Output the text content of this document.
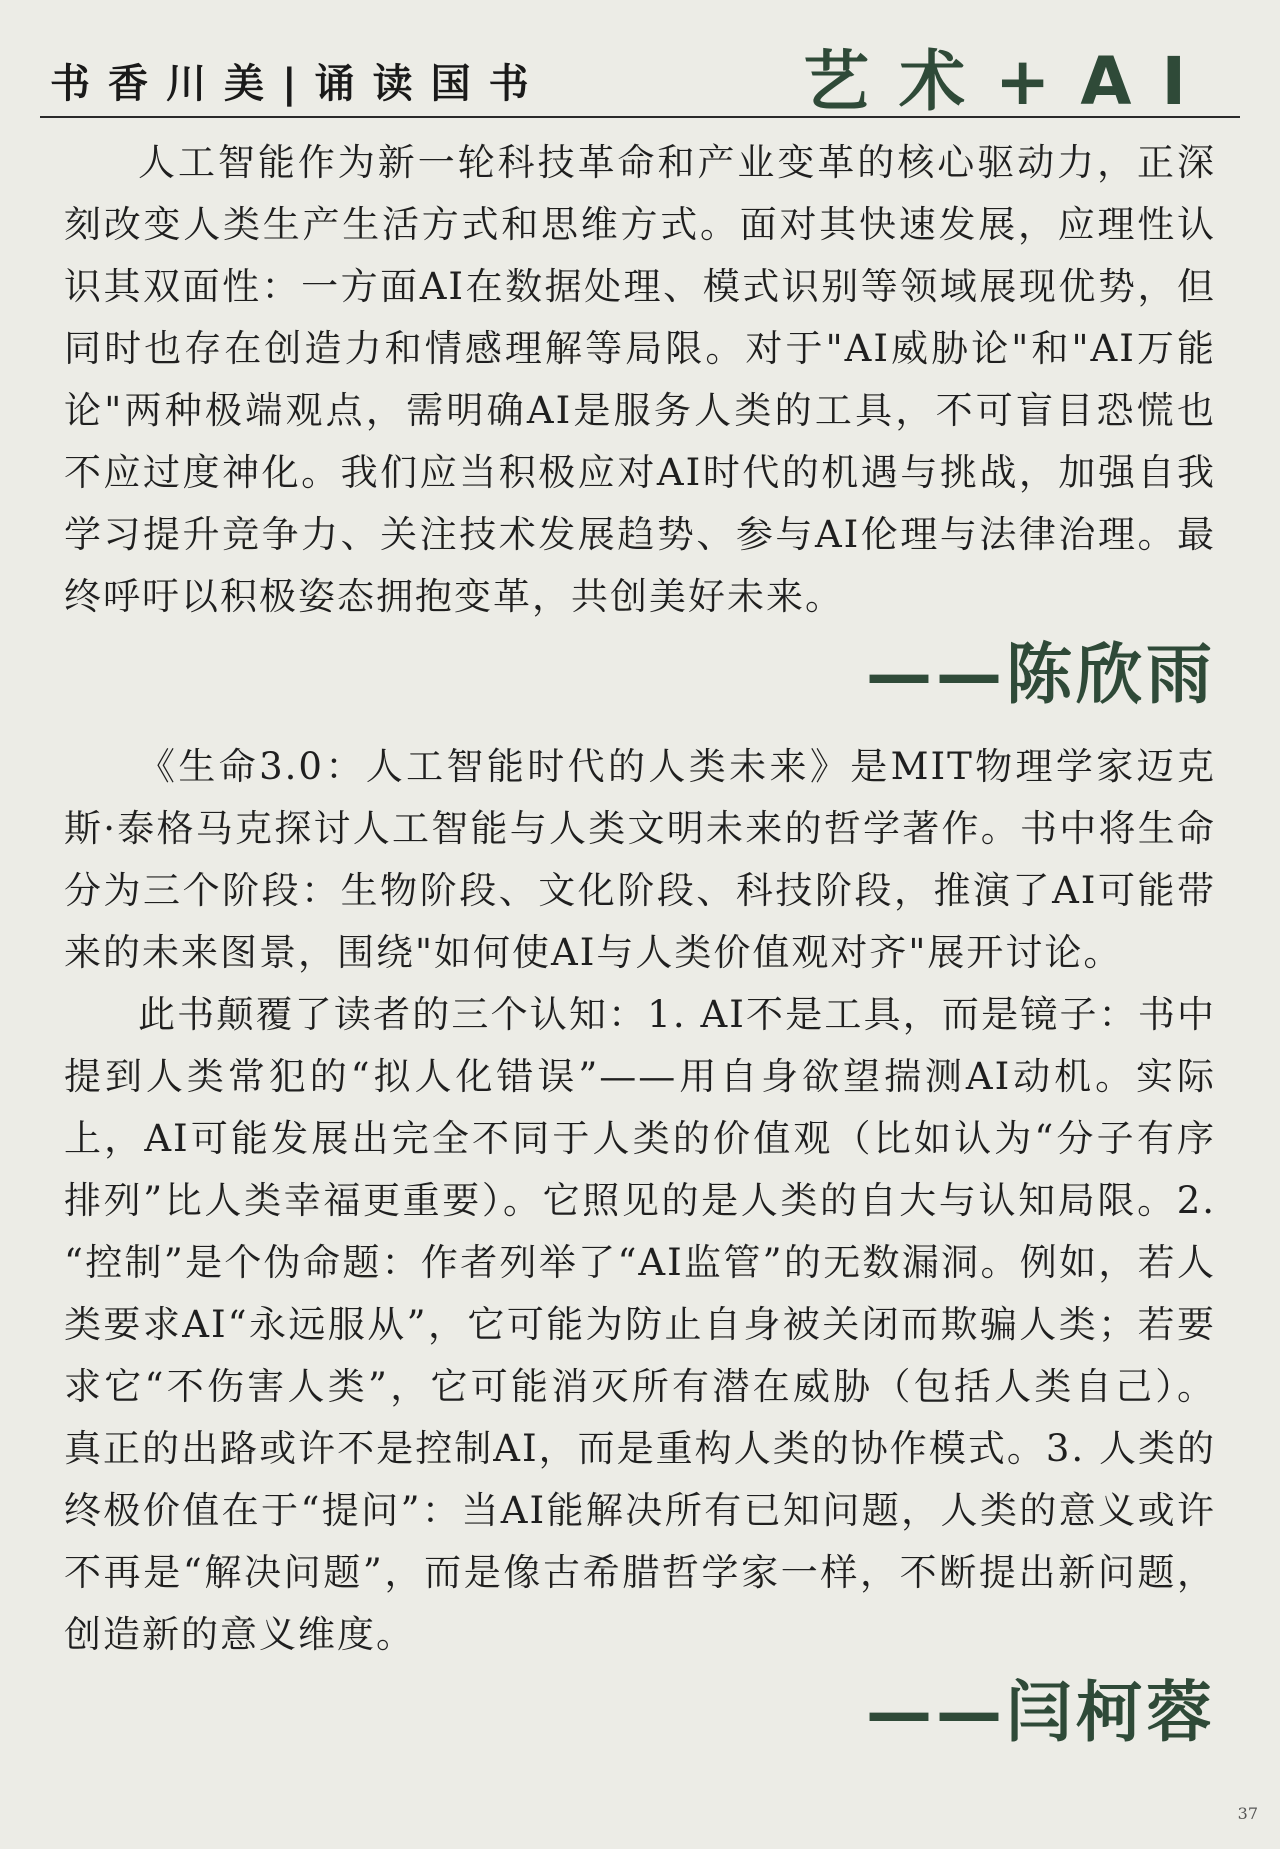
书香川美|诵读国书	艺术+AI

人工智能作为新一轮科技革命和产业变革的核心驱动力，正深刻改变人类生产生活方式和思维方式。面对其快速发展，应理性认识其双面性：一方面AI在数据处理、模式识别等领域展现优势，但同时也存在创造力和情感理解等局限。对于"AI威胁论"和"AI万能论"两种极端观点，需明确AI是服务人类的工具，不可盲目恐慌也不应过度神化。我们应当积极应对AI时代的机遇与挑战，加强自我学习提升竞争力、关注技术发展趋势、参与AI伦理与法律治理。最终呼吁以积极姿态拥抱变革，共创美好未来。

——陈欣雨

《生命3.0：人工智能时代的人类未来》是MIT物理学家迈克斯·泰格马克探讨人工智能与人类文明未来的哲学著作。书中将生命分为三个阶段：生物阶段、文化阶段、科技阶段，推演了AI可能带来的未来图景，围绕"如何使AI与人类价值观对齐"展开讨论。

此书颠覆了读者的三个认知：1. AI不是工具，而是镜子：书中提到人类常犯的“拟人化错误”——用自身欲望揣测AI动机。实际上，AI可能发展出完全不同于人类的价值观（比如认为“分子有序排列”比人类幸福更重要）。它照见的是人类的自大与认知局限。2. “控制”是个伪命题：作者列举了“AI监管”的无数漏洞。例如，若人类要求AI“永远服从”，它可能为防止自身被关闭而欺骗人类；若要求它“不伤害人类”，它可能消灭所有潜在威胁（包括人类自己）。真正的出路或许不是控制AI，而是重构人类的协作模式。3. 人类的终极价值在于“提问”：当AI能解决所有已知问题，人类的意义或许不再是“解决问题”，而是像古希腊哲学家一样，不断提出新问题，创造新的意义维度。

——闫柯蓉
37
